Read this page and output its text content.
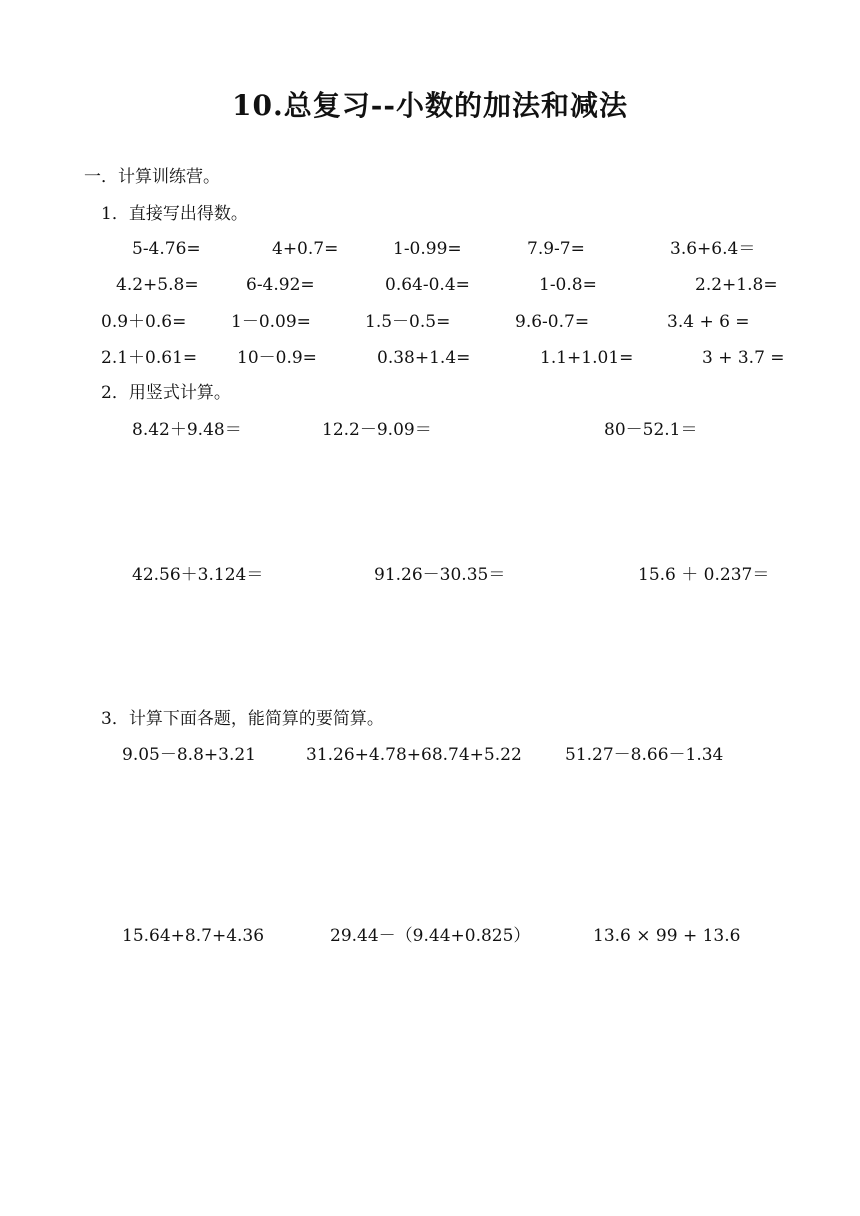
10.总复习--小数的加法和减法
一．计算训练营。
1．直接写出得数。
5-4.76=	4+0.7=	1-0.99=	7.9-7=	3.6+6.4＝
4.2+5.8=	6-4.92=	0.64-0.4=	1-0.8=	2.2+1.8=
0.9＋0.6=	1－0.09=	1.5－0.5=	9.6-0.7=	3.4 + 6 =
2.1＋0.61= 10－0.9=	0.38+1.4=	1.1+1.01=	3 + 3.7 =
2．用竖式计算。
8.42＋9.48＝	12.2－9.09＝	80－52.1＝
42.56＋3.124＝	91.26－30.35＝	15.6 ＋ 0.237＝
3．计算下面各题，能简算的要简算。
9.05－8.8+3.21	31.26+4.78+68.74+5.22	51.27－8.66－1.34
15.64+8.7+4.36	29.44－（9.44+0.825）	13.6 × 99 + 13.6
